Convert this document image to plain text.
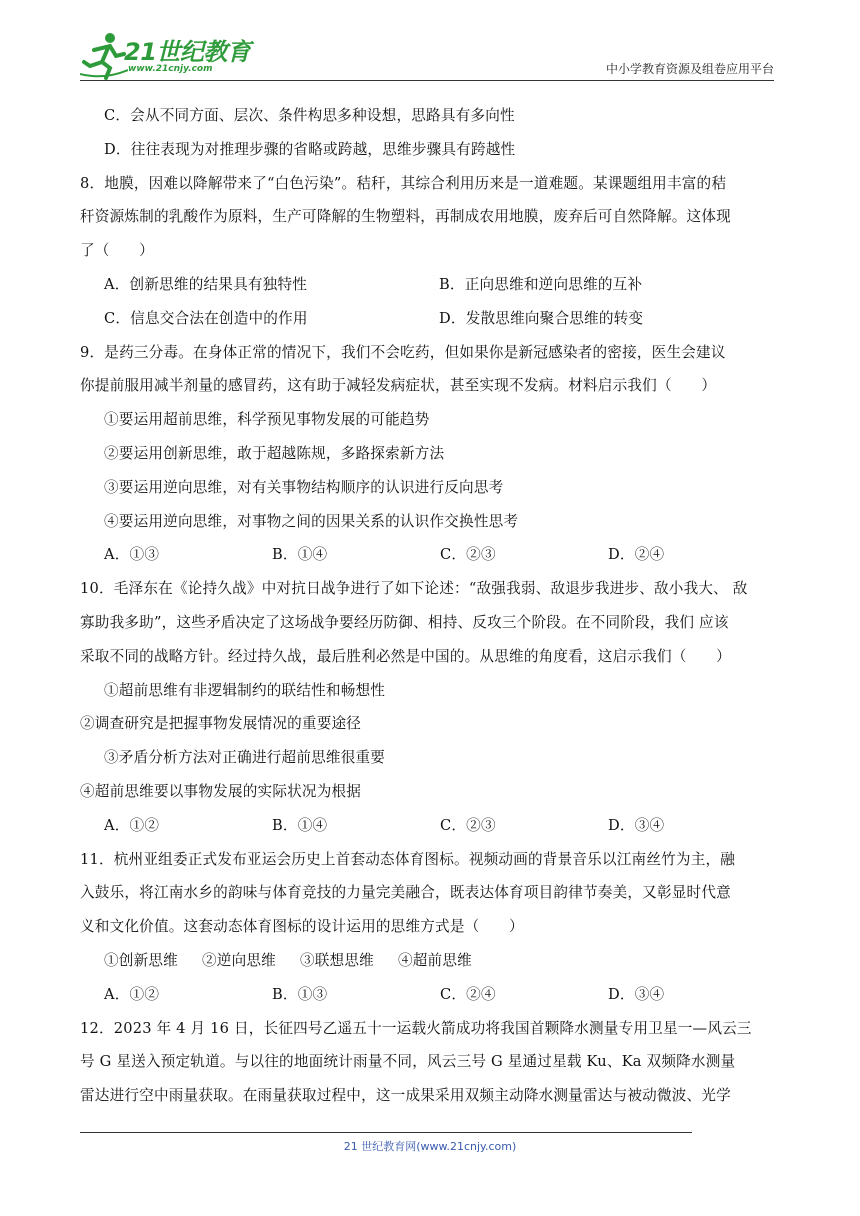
21世纪教育
www.21cnjy.com	中小学教育资源及组卷应用平台
C．会从不同方面、层次、条件构思多种设想，思路具有多向性
D．往往表现为对推理步骤的省略或跨越，思维步骤具有跨越性
8．地膜，因难以降解带来了“白色污染”。秸秆，其综合利用历来是一道难题。某课题组用丰富的秸
秆资源炼制的乳酸作为原料，生产可降解的生物塑料，再制成农用地膜，废弃后可自然降解。这体现
了（　　）
A．创新思维的结果具有独特性	B．正向思维和逆向思维的互补
C．信息交合法在创造中的作用	D．发散思维向聚合思维的转变
9．是药三分毒。在身体正常的情况下，我们不会吃药，但如果你是新冠感染者的密接，医生会建议
你提前服用减半剂量的感冒药，这有助于减轻发病症状，甚至实现不发病。材料启示我们（　　）
①要运用超前思维，科学预见事物发展的可能趋势
②要运用创新思维，敢于超越陈规，多路探索新方法
③要运用逆向思维，对有关事物结构顺序的认识进行反向思考
④要运用逆向思维，对事物之间的因果关系的认识作交换性思考
A．①③	B．①④	C．②③	D．②④
10．毛泽东在《论持久战》中对抗日战争进行了如下论述：“敌强我弱、敌退步我进步、敌小我大、 敌
寡助我多助”，这些矛盾决定了这场战争要经历防御、相持、反攻三个阶段。在不同阶段，我们 应该
采取不同的战略方针。经过持久战，最后胜利必然是中国的。从思维的角度看，这启示我们（　　）
①超前思维有非逻辑制约的联结性和畅想性
②调查研究是把握事物发展情况的重要途径
③矛盾分析方法对正确进行超前思维很重要
④超前思维要以事物发展的实际状况为根据
A．①②	B．①④	C．②③	D．③④
11．杭州亚组委正式发布亚运会历史上首套动态体育图标。视频动画的背景音乐以江南丝竹为主，融
入鼓乐，将江南水乡的韵味与体育竞技的力量完美融合，既表达体育项目韵律节奏美，又彰显时代意
义和文化价值。这套动态体育图标的设计运用的思维方式是（　　）
①创新思维 ②逆向思维 ③联想思维 ④超前思维
A．①②	B．①③	C．②④	D．③④
12．2023 年 4 月 16 日，长征四号乙遥五十一运载火箭成功将我国首颗降水测量专用卫星一—风云三
号 G 星送入预定轨道。与以往的地面统计雨量不同，风云三号 G 星通过星载 Ku、Ka 双频降水测量
雷达进行空中雨量获取。在雨量获取过程中，这一成果采用双频主动降水测量雷达与被动微波、光学
21 世纪教育网(www.21cnjy.com)
